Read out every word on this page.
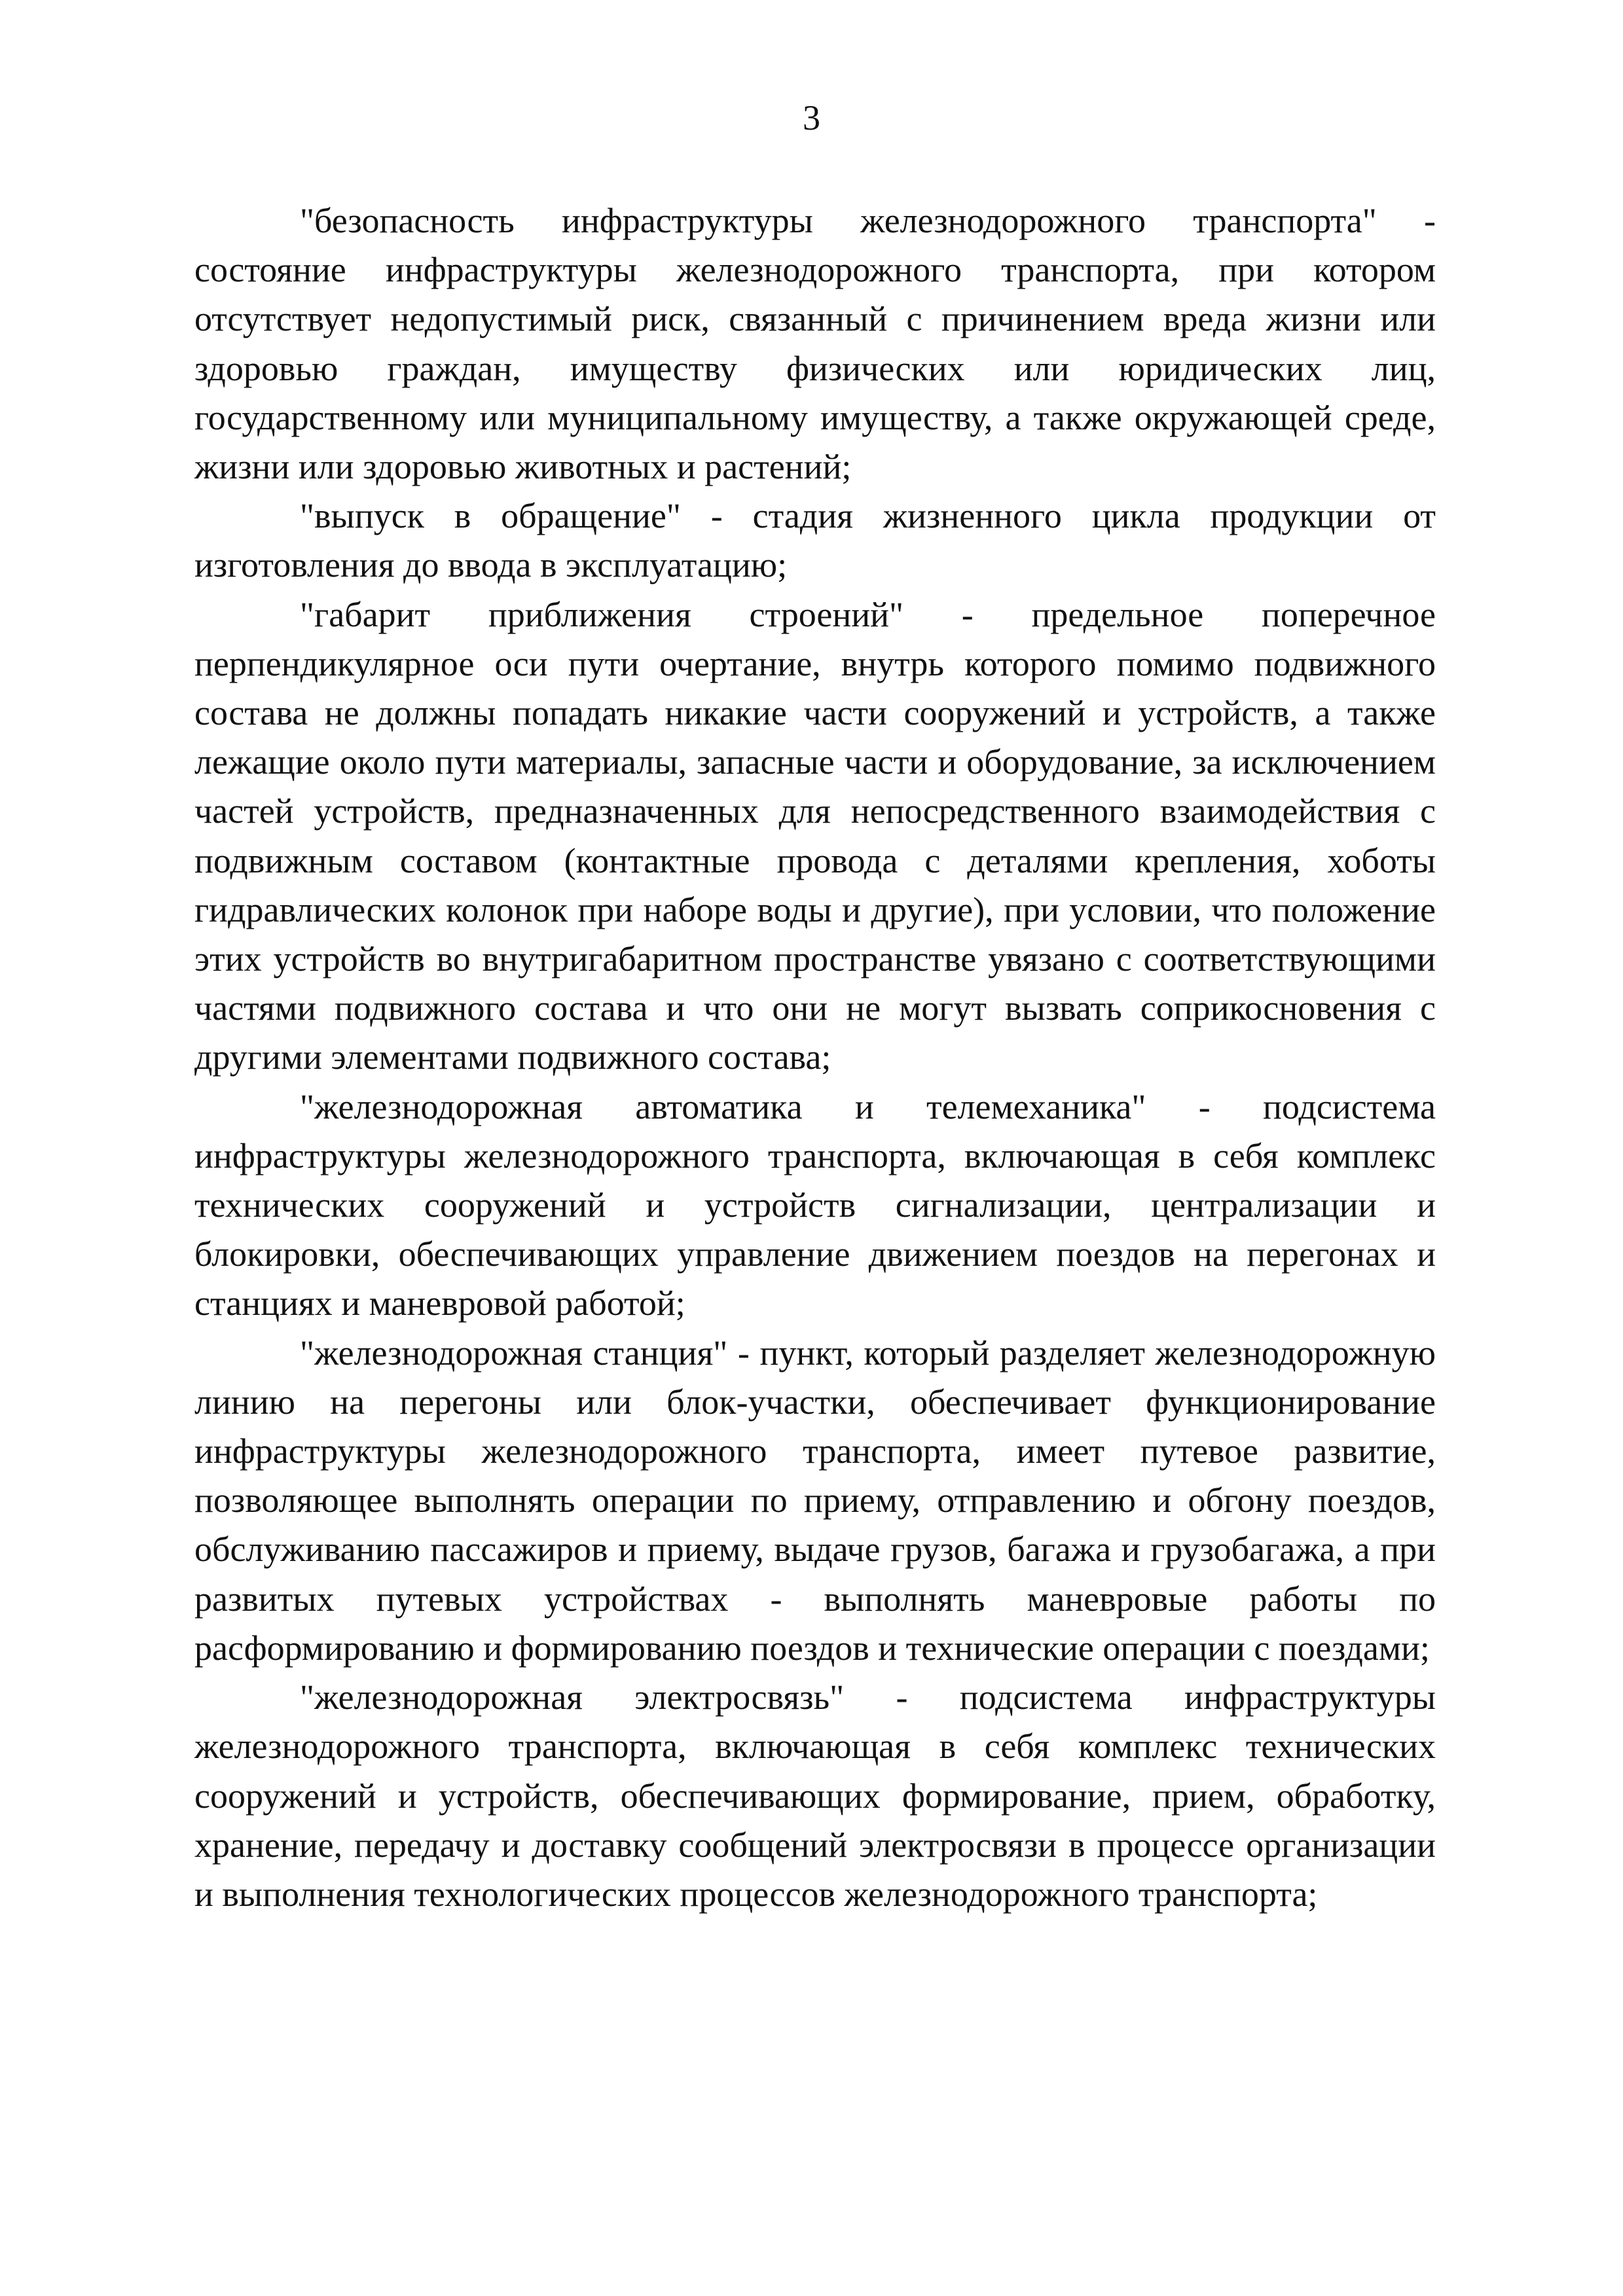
3

"безопасность инфраструктуры железнодорожного транспорта" - состояние инфраструктуры железнодорожного транспорта, при котором отсутствует недопустимый риск, связанный с причинением вреда жизни или здоровью граждан, имуществу физических или юридических лиц, государственному или муниципальному имуществу, а также окружающей среде, жизни или здоровью животных и растений;

"выпуск в обращение" - стадия жизненного цикла продукции от изготовления до ввода в эксплуатацию;

"габарит приближения строений" - предельное поперечное перпендикулярное оси пути очертание, внутрь которого помимо подвижного состава не должны попадать никакие части сооружений и устройств, а также лежащие около пути материалы, запасные части и оборудование, за исключением частей устройств, предназначенных для непосредственного взаимодействия с подвижным составом (контактные провода с деталями крепления, хоботы гидравлических колонок при наборе воды и другие), при условии, что положение этих устройств во внутригабаритном пространстве увязано с соответствующими частями подвижного состава и что они не могут вызвать соприкосновения с другими элементами подвижного состава;

"железнодорожная автоматика и телемеханика" - подсистема инфраструктуры железнодорожного транспорта, включающая в себя комплекс технических сооружений и устройств сигнализации, централизации и блокировки, обеспечивающих управление движением поездов на перегонах и станциях и маневровой работой;

"железнодорожная станция" - пункт, который разделяет железнодорожную линию на перегоны или блок-участки, обеспечивает функционирование инфраструктуры железнодорожного транспорта, имеет путевое развитие, позволяющее выполнять операции по приему, отправлению и обгону поездов, обслуживанию пассажиров и приему, выдаче грузов, багажа и грузобагажа, а при развитых путевых устройствах - выполнять маневровые работы по расформированию и формированию поездов и технические операции с поездами;

"железнодорожная электросвязь" - подсистема инфраструктуры железнодорожного транспорта, включающая в себя комплекс технических сооружений и устройств, обеспечивающих формирование, прием, обработку, хранение, передачу и доставку сообщений электросвязи в процессе организации и выполнения технологических процессов железнодорожного транспорта;
